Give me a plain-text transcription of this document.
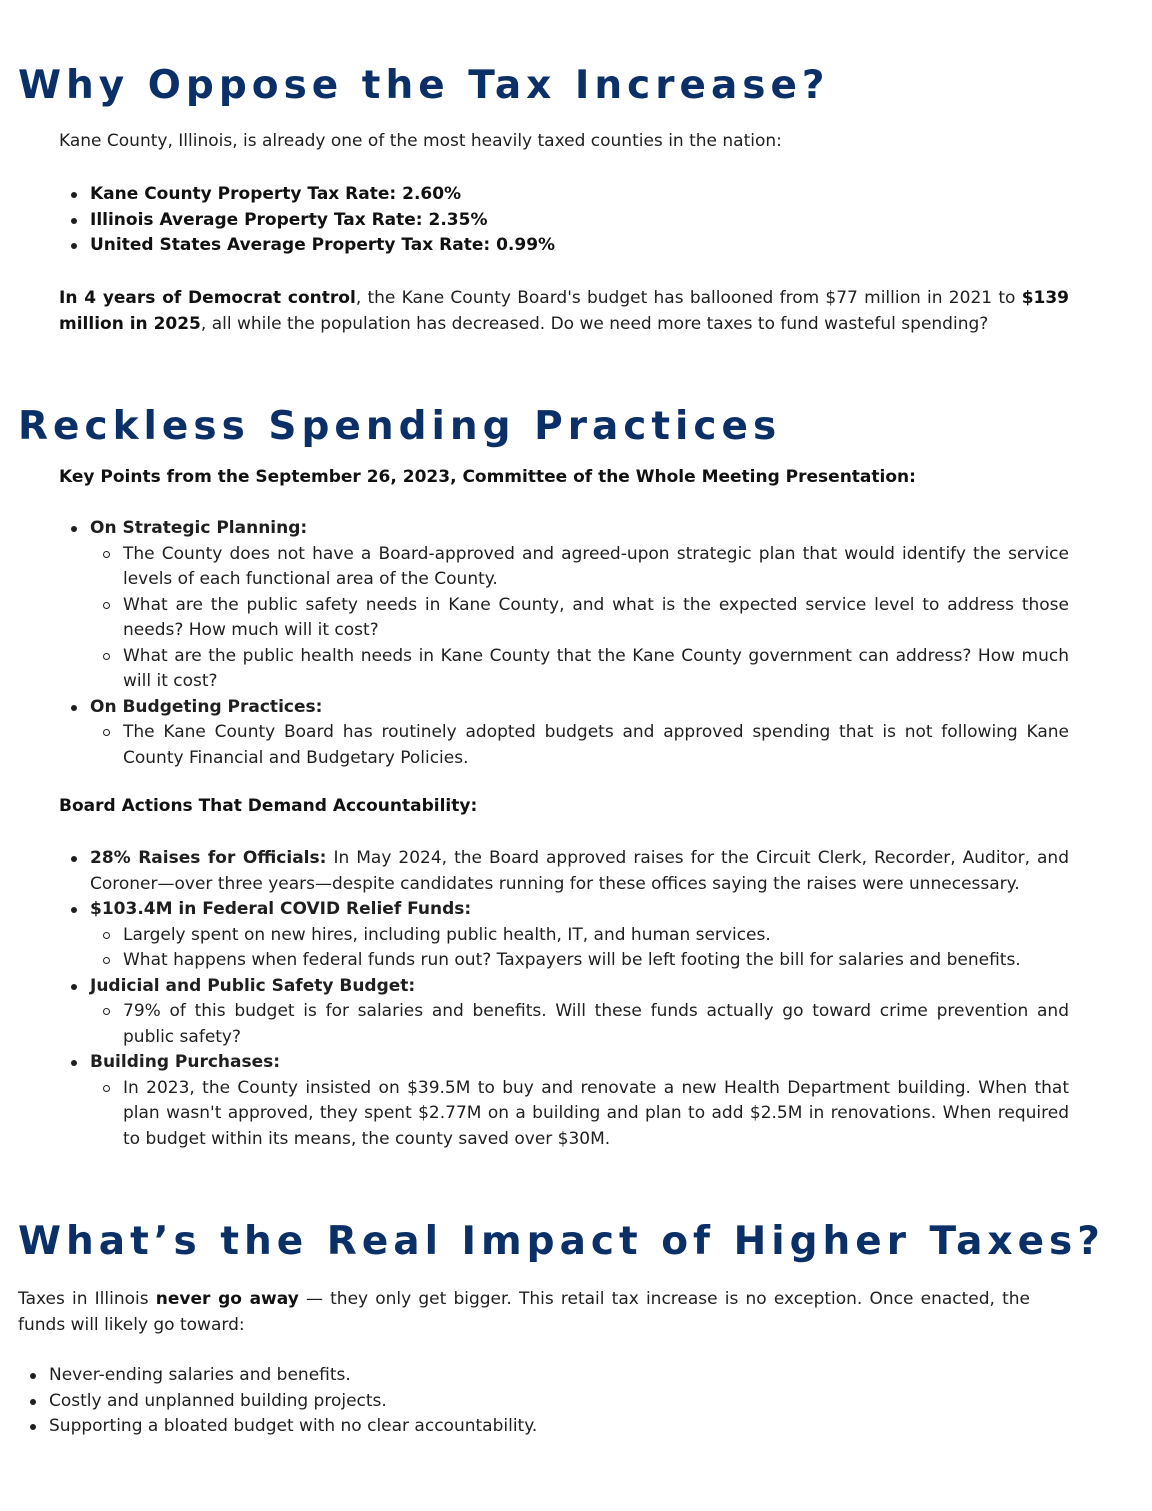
Why Oppose the Tax Increase?

Kane County, Illinois, is already one of the most heavily taxed counties in the nation:

Kane County Property Tax Rate: 2.60%
Illinois Average Property Tax Rate: 2.35%
United States Average Property Tax Rate: 0.99%

In 4 years of Democrat control, the Kane County Board's budget has ballooned from $77 million in 2021 to $139 million in 2025, all while the population has decreased. Do we need more taxes to fund wasteful spending?

Reckless Spending Practices

Key Points from the September 26, 2023, Committee of the Whole Meeting Presentation:

On Strategic Planning:
The County does not have a Board-approved and agreed-upon strategic plan that would identify the service levels of each functional area of the County.
What are the public safety needs in Kane County, and what is the expected service level to address those needs? How much will it cost?
What are the public health needs in Kane County that the Kane County government can address? How much will it cost?
On Budgeting Practices:
The Kane County Board has routinely adopted budgets and approved spending that is not following Kane County Financial and Budgetary Policies.

Board Actions That Demand Accountability:

28% Raises for Officials: In May 2024, the Board approved raises for the Circuit Clerk, Recorder, Auditor, and Coroner—over three years—despite candidates running for these offices saying the raises were unnecessary.
$103.4M in Federal COVID Relief Funds:
Largely spent on new hires, including public health, IT, and human services.
What happens when federal funds run out? Taxpayers will be left footing the bill for salaries and benefits.
Judicial and Public Safety Budget:
79% of this budget is for salaries and benefits. Will these funds actually go toward crime prevention and public safety?
Building Purchases:
In 2023, the County insisted on $39.5M to buy and renovate a new Health Department building. When that plan wasn't approved, they spent $2.77M on a building and plan to add $2.5M in renovations. When required to budget within its means, the county saved over $30M.
What’s the Real Impact of Higher Taxes?

Taxes in Illinois never go away — they only get bigger. This retail tax increase is no exception. Once enacted, the funds will likely go toward:

Never-ending salaries and benefits.
Costly and unplanned building projects.
Supporting a bloated budget with no clear accountability.
